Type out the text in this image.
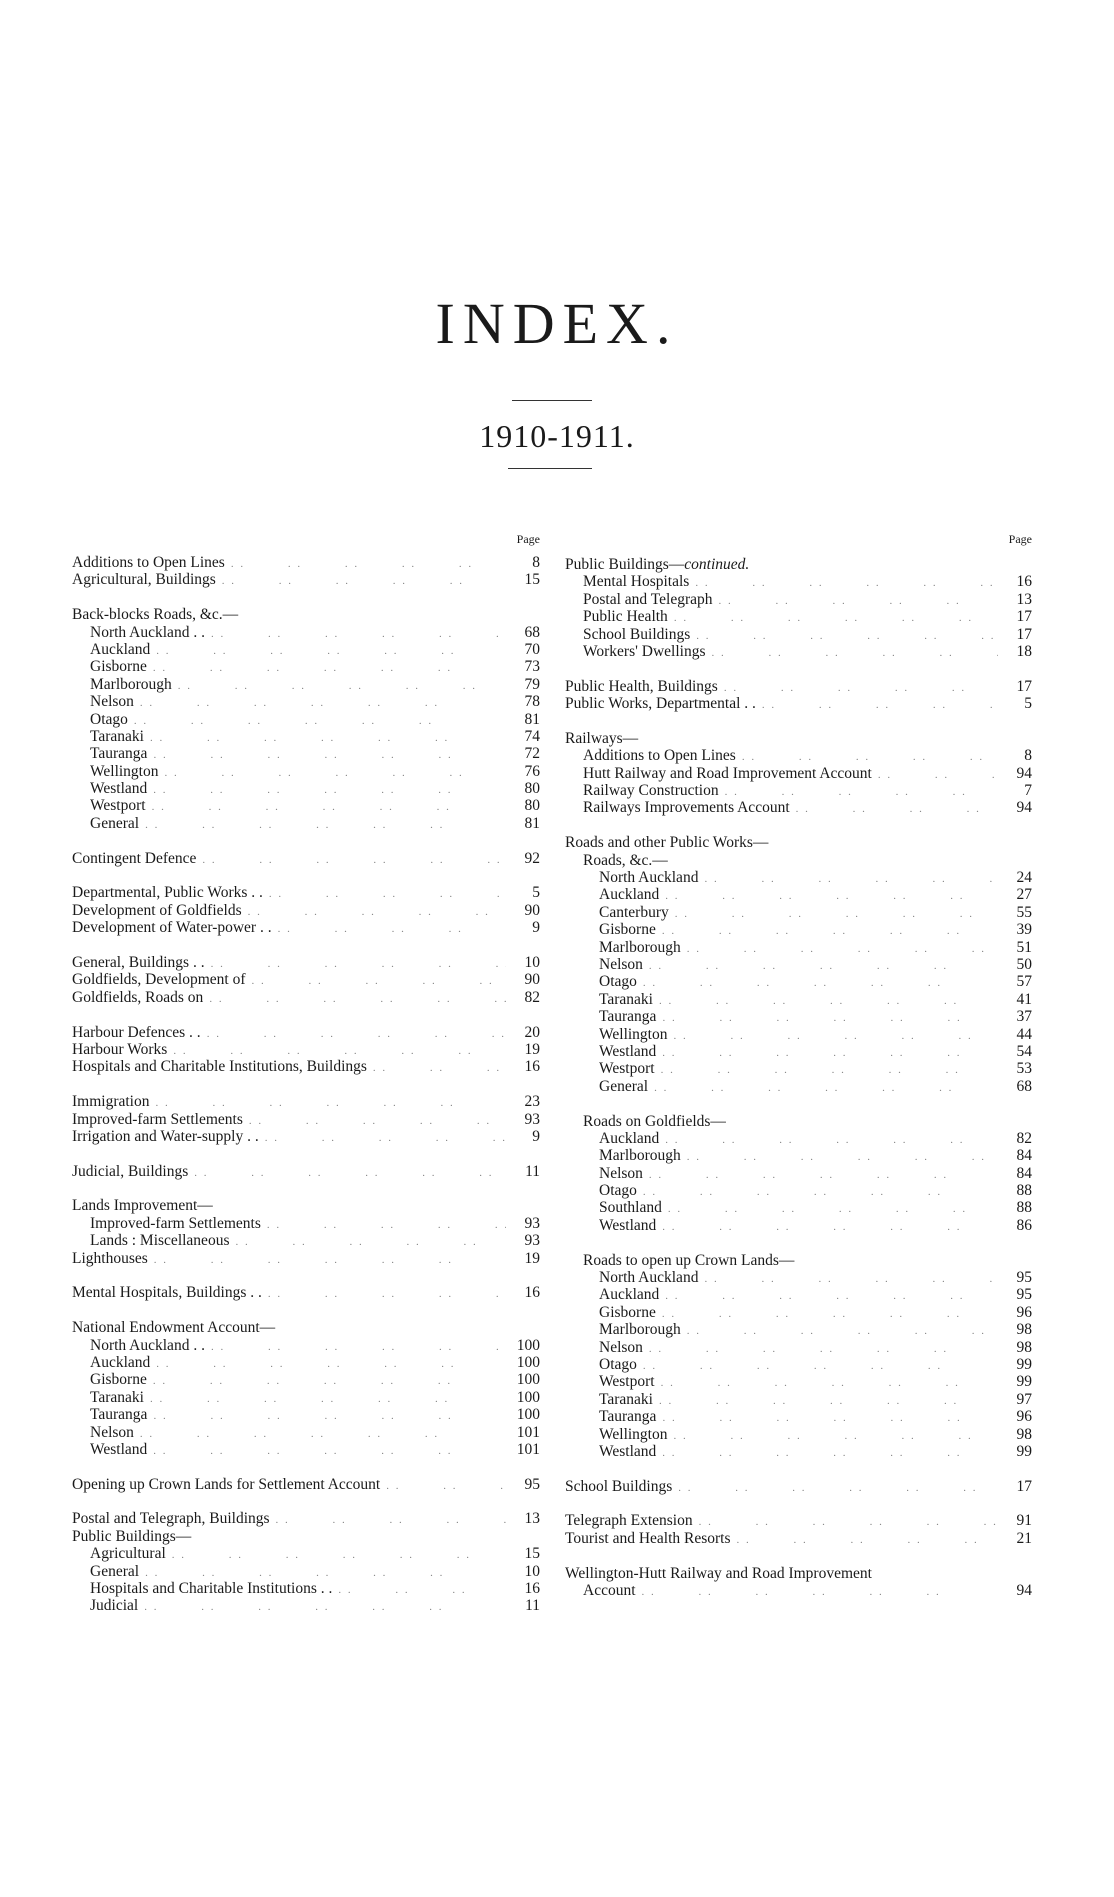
INDEX.
1910-1911.
Page
Additions to Open Lines . .	8
Agricultural, Buildings . .	15
Back-blocks Roads, &c.—
North Auckland . . . .	68
Auckland . .	70
Gisborne . .	73
Marlborough . .	79
Nelson . .	78
Otago . .	81
Taranaki . .	74
Tauranga . .	72
Wellington . .	76
Westland . .	80
Westport . .	80
General . .	81
Contingent Defence . .	92
Departmental, Public Works . . . .	5
Development of Goldfields . .	90
Development of Water-power . . . .	9
General, Buildings . . . .	10
Goldfields, Development of . .	90
Goldfields, Roads on . .	82
Harbour Defences . . . .	20
Harbour Works . .	19
Hospitals and Charitable Institutions, Buildings . .	16
Immigration . .	23
Improved-farm Settlements . .	93
Irrigation and Water-supply . . . .	9
Judicial, Buildings . .	11
Lands Improvement—
Improved-farm Settlements . .	93
Lands : Miscellaneous . .	93
Lighthouses . .	19
Mental Hospitals, Buildings . . . .	16
National Endowment Account—
North Auckland . . . .	100
Auckland . .	100
Gisborne . .	100
Taranaki . .	100
Tauranga . .	100
Nelson . .	101
Westland . .	101
Opening up Crown Lands for Settlement Account . .	95
Postal and Telegraph, Buildings . .	13
Public Buildings—
Agricultural . .	15
General . .	10
Hospitals and Charitable Institutions . . . .	16
Judicial . .	11
Page
Public Buildings—continued.
Mental Hospitals . .	16
Postal and Telegraph . .	13
Public Health . .	17
School Buildings . .	17
Workers' Dwellings . .	18
Public Health, Buildings . .	17
Public Works, Departmental . . . .	5
Railways—
Additions to Open Lines . .	8
Hutt Railway and Road Improvement Account . .	94
Railway Construction . .	7
Railways Improvements Account . .	94
Roads and other Public Works—
Roads, &c.—
North Auckland . .	24
Auckland . .	27
Canterbury . .	55
Gisborne . .	39
Marlborough . .	51
Nelson . .	50
Otago . .	57
Taranaki . .	41
Tauranga . .	37
Wellington . .	44
Westland . .	54
Westport . .	53
General . .	68
Roads on Goldfields—
Auckland . .	82
Marlborough . .	84
Nelson . .	84
Otago . .	88
Southland . .	88
Westland . .	86
Roads to open up Crown Lands—
North Auckland . .	95
Auckland . .	95
Gisborne . .	96
Marlborough . .	98
Nelson . .	98
Otago . .	99
Westport . .	99
Taranaki . .	97
Tauranga . .	96
Wellington . .	98
Westland . .	99
School Buildings . .	17
Telegraph Extension . .	91
Tourist and Health Resorts . .	21
Wellington-Hutt Railway and Road Improvement
Account . .	94
